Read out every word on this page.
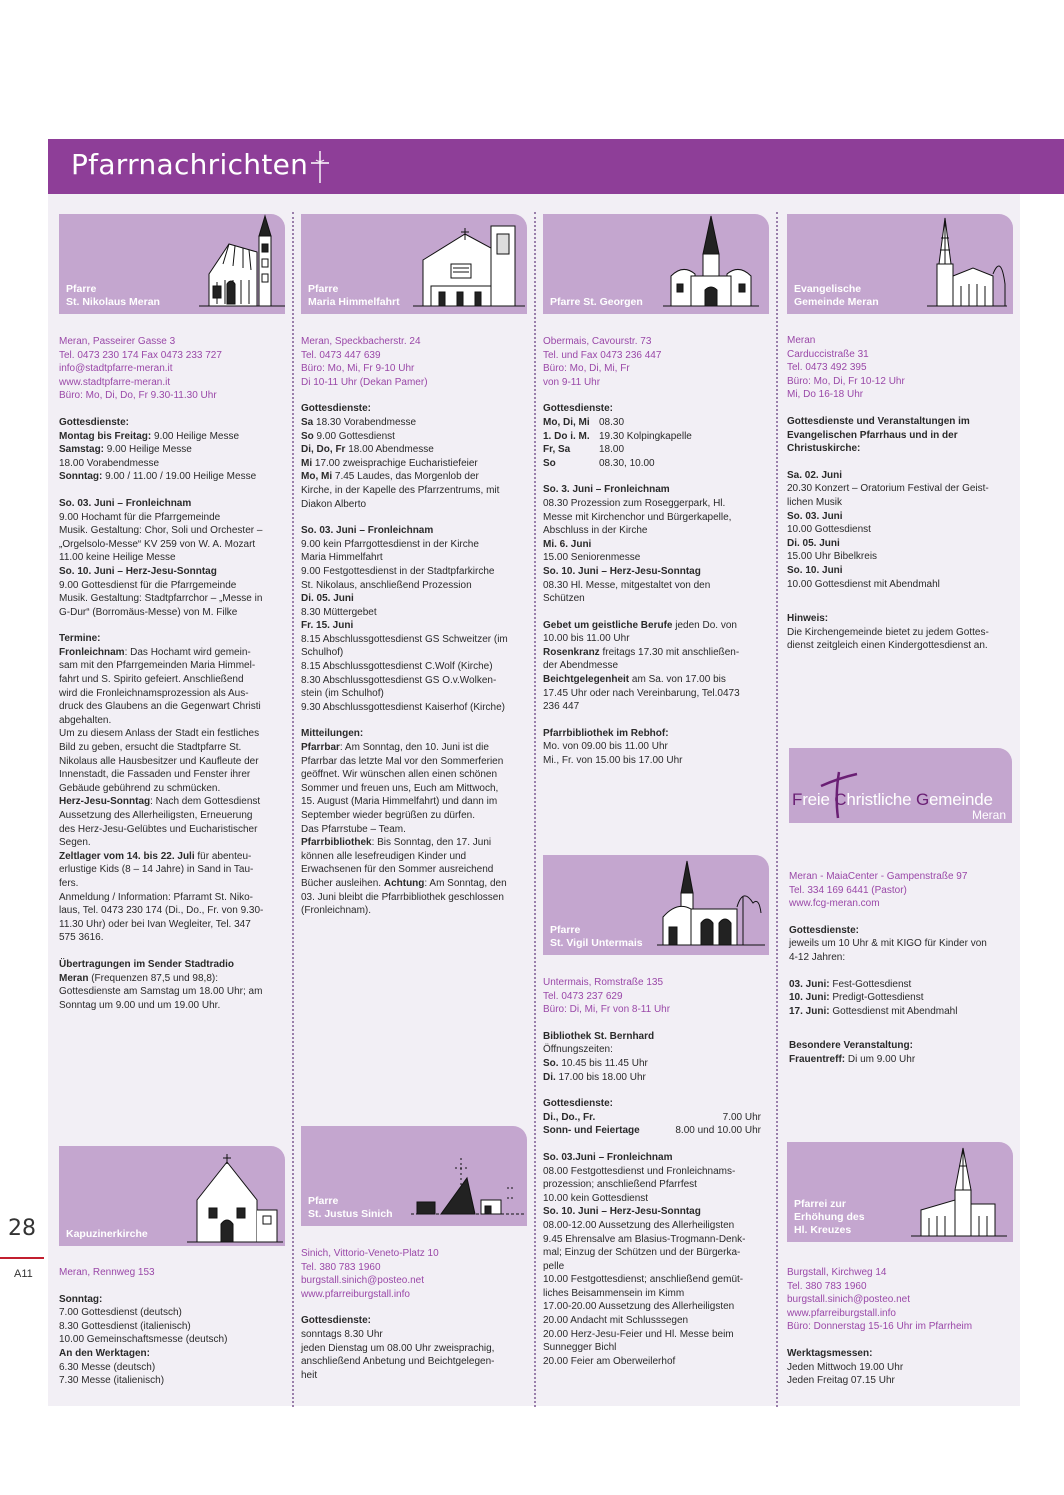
Pfarrnachrichten
28
A11
Pfarre
St. Nikolaus Meran
Meran, Passeirer Gasse 3
Tel. 0473 230 174 Fax 0473 233 727
info@stadtpfarre-meran.it
www.stadtpfarre-meran.it
Büro: Mo, Di, Do, Fr 9.30-11.30 Uhr
Gottesdienste:
Montag bis Freitag: 9.00 Heilige Messe
Samstag: 9.00 Heilige Messe
18.00 Vorabendmesse
Sonntag: 9.00 / 11.00 / 19.00 Heilige Messe
So. 03. Juni – Fronleichnam
9.00 Hochamt für die Pfarrgemeinde
Musik. Gestaltung: Chor, Soli und Orchester –
„Orgelsolo-Messe“ KV 259 von W. A. Mozart
11.00 keine Heilige Messe
So. 10. Juni – Herz-Jesu-Sonntag
9.00 Gottesdienst für die Pfarrgemeinde
Musik. Gestaltung: Stadtpfarrchor – „Messe in
G-Dur“ (Borromäus-Messe) von M. Filke
Termine:
Fronleichnam: Das Hochamt wird gemein-
sam mit den Pfarrgemeinden Maria Himmel-
fahrt und S. Spirito gefeiert. Anschließend
wird die Fronleichnamsprozession als Aus-
druck des Glaubens an die Gegenwart Christi
abgehalten.
Um zu diesem Anlass der Stadt ein festliches
Bild zu geben, ersucht die Stadtpfarre St.
Nikolaus alle Hausbesitzer und Kaufleute der
Innenstadt, die Fassaden und Fenster ihrer
Gebäude gebührend zu schmücken.
Herz-Jesu-Sonntag: Nach dem Gottesdienst
Aussetzung des Allerheiligsten, Erneuerung
des Herz-Jesu-Gelübtes und Eucharistischer
Segen.
Zeltlager vom 14. bis 22. Juli für abenteu-
erlustige Kids (8 – 14 Jahre) in Sand in Tau-
fers.
Anmeldung / Information: Pfarramt St. Niko-
laus, Tel. 0473 230 174 (Di., Do., Fr. von 9.30-
11.30 Uhr) oder bei Ivan Wegleiter, Tel. 347
575 3616.
Übertragungen im Sender Stadtradio
Meran (Frequenzen 87,5 und 98,8):
Gottesdienste am Samstag um 18.00 Uhr; am
Sonntag um 9.00 und um 19.00 Uhr.
Kapuzinerkirche
Meran, Rennweg 153
Sonntag:
7.00 Gottesdienst (deutsch)
8.30 Gottesdienst (italienisch)
10.00 Gemeinschaftsmesse (deutsch)
An den Werktagen:
6.30 Messe (deutsch)
7.30 Messe (italienisch)
Pfarre
Maria Himmelfahrt
Meran, Speckbacherstr. 24
Tel. 0473 447 639
Büro: Mo, Mi, Fr 9-10 Uhr
Di 10-11 Uhr (Dekan Pamer)
Gottesdienste:
Sa 18.30 Vorabendmesse
So 9.00 Gottesdienst
Di, Do, Fr 18.00 Abendmesse
Mi 17.00 zweisprachige Eucharistiefeier
Mo, Mi 7.45 Laudes, das Morgenlob der
Kirche, in der Kapelle des Pfarrzentrums, mit
Diakon Alberto
So. 03. Juni – Fronleichnam
9.00 kein Pfarrgottesdienst in der Kirche
Maria Himmelfahrt
9.00 Festgottesdienst in der Stadtpfarkirche
St. Nikolaus, anschließend Prozession
Di. 05. Juni
8.30 Müttergebet
Fr. 15. Juni
8.15 Abschlussgottesdienst GS Schweitzer (im
Schulhof)
8.15 Abschlussgottesdienst C.Wolf (Kirche)
8.30 Abschlussgottesdienst GS O.v.Wolken-
stein (im Schulhof)
9.30 Abschlussgottesdienst Kaiserhof (Kirche)
Mitteilungen:
Pfarrbar: Am Sonntag, den 10. Juni ist die
Pfarrbar das letzte Mal vor den Sommerferien
geöffnet. Wir wünschen allen einen schönen
Sommer und freuen uns, Euch am Mittwoch,
15. August (Maria Himmelfahrt) und dann im
September wieder begrüßen zu dürfen.
Das Pfarrstube – Team.
Pfarrbibliothek: Bis Sonntag, den 17. Juni
können alle lesefreudigen Kinder und
Erwachsenen für den Sommer ausreichend
Bücher ausleihen. Achtung: Am Sonntag, den
03. Juni bleibt die Pfarrbibliothek geschlossen
(Fronleichnam).
Pfarre
St. Justus Sinich
Sinich, Vittorio-Veneto-Platz 10
Tel. 380 783 1960
burgstall.sinich@posteo.net
www.pfarreiburgstall.info
Gottesdienste:
sonntags 8.30 Uhr
jeden Dienstag um 08.00 Uhr zweisprachig,
anschließend Anbetung und Beichtgelegen-
heit
Pfarre St. Georgen
Obermais, Cavourstr. 73
Tel. und Fax 0473 236 447
Büro: Mo, Di, Mi, Fr
von 9-11 Uhr
Gottesdienste:
Mo, Di, Mi 08.30
1. Do i. M. 19.30 Kolpingkapelle
Fr, Sa	18.00
So	08.30, 10.00
So. 3. Juni – Fronleichnam
08.30 Prozession zum Roseggerpark, Hl.
Messe mit Kirchenchor und Bürgerkapelle,
Abschluss in der Kirche
Mi. 6. Juni
15.00 Seniorenmesse
So. 10. Juni – Herz-Jesu-Sonntag
08.30 Hl. Messe, mitgestaltet von den
Schützen
Gebet um geistliche Berufe jeden Do. von
10.00 bis 11.00 Uhr
Rosenkranz freitags 17.30 mit anschließen-
der Abendmesse
Beichtgelegenheit am Sa. von 17.00 bis
17.45 Uhr oder nach Vereinbarung, Tel.0473
236 447
Pfarrbibliothek im Rebhof:
Mo. von 09.00 bis 11.00 Uhr
Mi., Fr. von 15.00 bis 17.00 Uhr
Pfarre
St. Vigil Untermais
Untermais, Romstraße 135
Tel. 0473 237 629
Büro: Di, Mi, Fr von 8-11 Uhr
Bibliothek St. Bernhard
Öffnungszeiten:
So. 10.45 bis 11.45 Uhr
Di. 17.00 bis 18.00 Uhr
Gottesdienste:
Di., Do., Fr.	7.00 Uhr
Sonn- und Feiertage	8.00 und 10.00 Uhr
So. 03.Juni – Fronleichnam
08.00 Festgottesdienst und Fronleichnams-
prozession; anschließend Pfarrfest
10.00 kein Gottesdienst
So. 10. Juni – Herz-Jesu-Sonntag
08.00-12.00 Aussetzung des Allerheiligsten
9.45 Ehrensalve am Blasius-Trogmann-Denk-
mal; Einzug der Schützen und der Bürgerka-
pelle
10.00 Festgottesdienst; anschließend gemüt-
liches Beisammensein im Kimm
17.00-20.00 Aussetzung des Allerheiligsten
20.00 Andacht mit Schlusssegen
20.00 Herz-Jesu-Feier und Hl. Messe beim
Sunnegger Bichl
20.00 Feier am Oberweilerhof
Evangelische
Gemeinde Meran
Meran
Carduccistraße 31
Tel. 0473 492 395
Büro: Mo, Di, Fr 10-12 Uhr
Mi, Do 16-18 Uhr
Gottesdienste und Veranstaltungen im
Evangelischen Pfarrhaus und in der
Christuskirche:
Sa. 02. Juni
20.30 Konzert – Oratorium Festival der Geist-
lichen Musik
So. 03. Juni
10.00 Gottesdienst
Di. 05. Juni
15.00 Uhr Bibelkreis
So. 10. Juni
10.00 Gottesdienst mit Abendmahl
Hinweis:
Die Kirchengemeinde bietet zu jedem Gottes-
dienst zeitgleich einen Kindergottesdienst an.
Freie Christliche Gemeinde
Meran
Meran - MaiaCenter - Gampenstraße 97
Tel. 334 169 6441 (Pastor)
www.fcg-meran.com
Gottesdienste:
jeweils um 10 Uhr & mit KIGO für Kinder von
4-12 Jahren:
03. Juni: Fest-Gottesdienst
10. Juni: Predigt-Gottesdienst
17. Juni: Gottesdienst mit Abendmahl
Besondere Veranstaltung:
Frauentreff: Di um 9.00 Uhr
Pfarrei zur
Erhöhung des
Hl. Kreuzes
Burgstall, Kirchweg 14
Tel. 380 783 1960
burgstall.sinich@posteo.net
www.pfarreiburgstall.info
Büro: Donnerstag 15-16 Uhr im Pfarrheim
Werktagsmessen:
Jeden Mittwoch 19.00 Uhr
Jeden Freitag 07.15 Uhr
